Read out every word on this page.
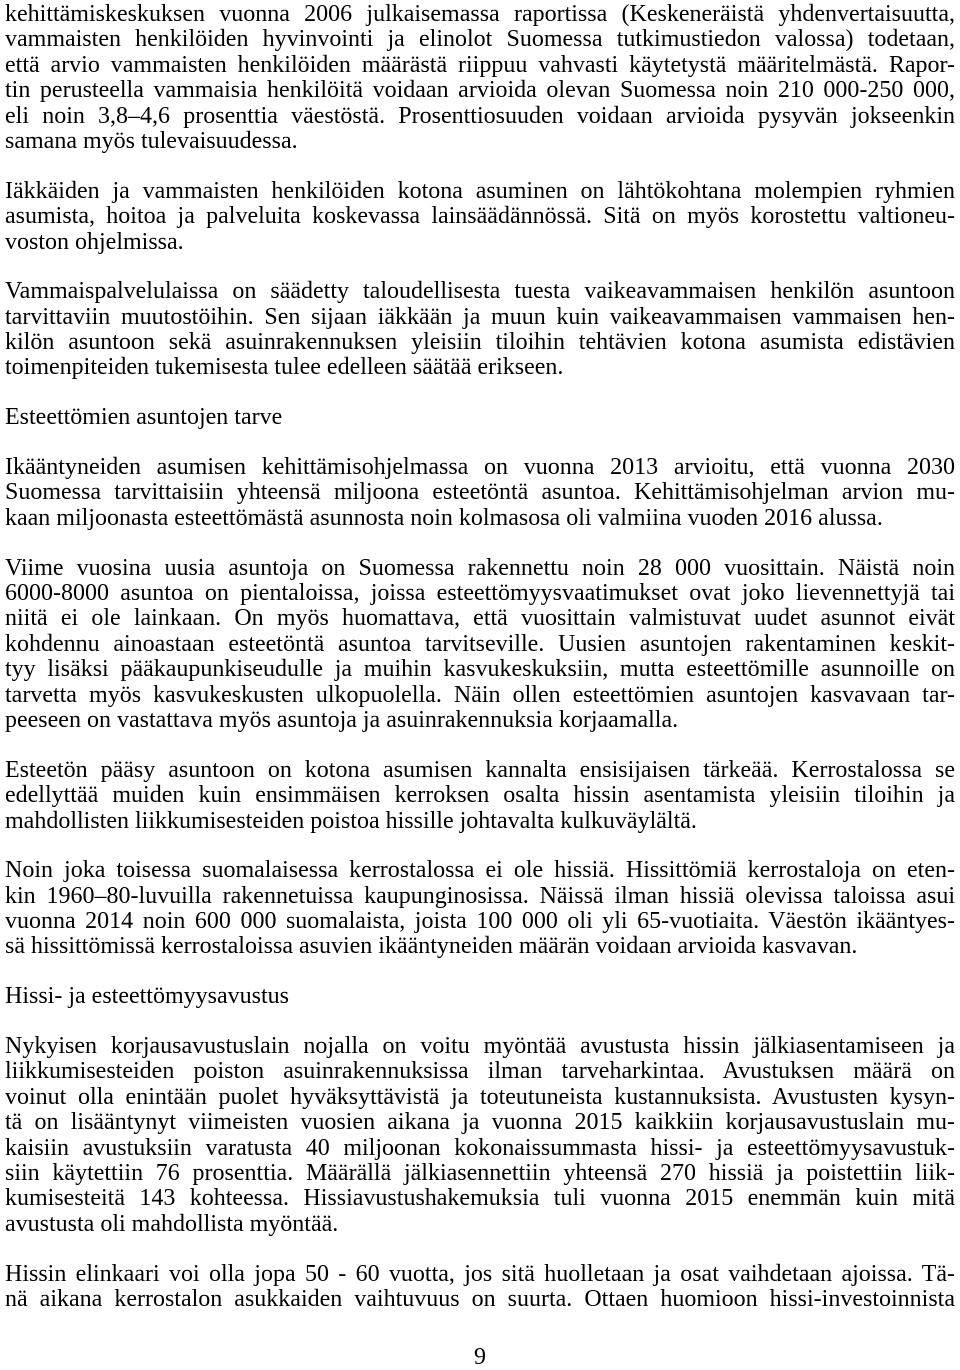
kehittämiskeskuksen vuonna 2006 julkaisemassa raportissa (Keskeneräistä yhdenvertaisuutta,
vammaisten henkilöiden hyvinvointi ja elinolot Suomessa tutkimustiedon valossa) todetaan,
että arvio vammaisten henkilöiden määrästä riippuu vahvasti käytetystä määritelmästä. Rapor-
tin perusteella vammaisia henkilöitä voidaan arvioida olevan Suomessa noin 210 000-250 000,
eli noin 3,8–4,6 prosenttia väestöstä. Prosenttiosuuden voidaan arvioida pysyvän jokseenkin
samana myös tulevaisuudessa.
Iäkkäiden ja vammaisten henkilöiden kotona asuminen on lähtökohtana molempien ryhmien
asumista, hoitoa ja palveluita koskevassa lainsäädännössä. Sitä on myös korostettu valtioneu-
voston ohjelmissa.
Vammaispalvelulaissa on säädetty taloudellisesta tuesta vaikeavammaisen henkilön asuntoon
tarvittaviin muutostöihin. Sen sijaan iäkkään ja muun kuin vaikeavammaisen vammaisen hen-
kilön asuntoon sekä asuinrakennuksen yleisiin tiloihin tehtävien kotona asumista edistävien
toimenpiteiden tukemisesta tulee edelleen säätää erikseen.
Esteettömien asuntojen tarve
Ikääntyneiden asumisen kehittämisohjelmassa on vuonna 2013 arvioitu, että vuonna 2030
Suomessa tarvittaisiin yhteensä miljoona esteetöntä asuntoa. Kehittämisohjelman arvion mu-
kaan miljoonasta esteettömästä asunnosta noin kolmasosa oli valmiina vuoden 2016 alussa.
Viime vuosina uusia asuntoja on Suomessa rakennettu noin 28 000 vuosittain. Näistä noin
6000-8000 asuntoa on pientaloissa, joissa esteettömyysvaatimukset ovat joko lievennettyjä tai
niitä ei ole lainkaan. On myös huomattava, että vuosittain valmistuvat uudet asunnot eivät
kohdennu ainoastaan esteetöntä asuntoa tarvitseville. Uusien asuntojen rakentaminen keskit-
tyy lisäksi pääkaupunkiseudulle ja muihin kasvukeskuksiin, mutta esteettömille asunnoille on
tarvetta myös kasvukeskusten ulkopuolella. Näin ollen esteettömien asuntojen kasvavaan tar-
peeseen on vastattava myös asuntoja ja asuinrakennuksia korjaamalla.
Esteetön pääsy asuntoon on kotona asumisen kannalta ensisijaisen tärkeää. Kerrostalossa se
edellyttää muiden kuin ensimmäisen kerroksen osalta hissin asentamista yleisiin tiloihin ja
mahdollisten liikkumisesteiden poistoa hissille johtavalta kulkuväylältä.
Noin joka toisessa suomalaisessa kerrostalossa ei ole hissiä. Hissittömiä kerrostaloja on eten-
kin 1960–80-luvuilla rakennetuissa kaupunginosissa. Näissä ilman hissiä olevissa taloissa asui
vuonna 2014 noin 600 000 suomalaista, joista 100 000 oli yli 65-vuotiaita. Väestön ikääntyes-
sä hissittömissä kerrostaloissa asuvien ikääntyneiden määrän voidaan arvioida kasvavan.
Hissi- ja esteettömyysavustus
Nykyisen korjausavustuslain nojalla on voitu myöntää avustusta hissin jälkiasentamiseen ja
liikkumisesteiden poiston asuinrakennuksissa ilman tarveharkintaa. Avustuksen määrä on
voinut olla enintään puolet hyväksyttävistä ja toteutuneista kustannuksista. Avustusten kysyn-
tä on lisääntynyt viimeisten vuosien aikana ja vuonna 2015 kaikkiin korjausavustuslain mu-
kaisiin avustuksiin varatusta 40 miljoonan kokonaissummasta hissi- ja esteettömyysavustuk-
siin käytettiin 76 prosenttia. Määrällä jälkiasennettiin yhteensä 270 hissiä ja poistettiin liik-
kumisesteitä 143 kohteessa. Hissiavustushakemuksia tuli vuonna 2015 enemmän kuin mitä
avustusta oli mahdollista myöntää.
Hissin elinkaari voi olla jopa 50 - 60 vuotta, jos sitä huolletaan ja osat vaihdetaan ajoissa. Tä-
nä aikana kerrostalon asukkaiden vaihtuvuus on suurta. Ottaen huomioon hissi-investoinnista
9
